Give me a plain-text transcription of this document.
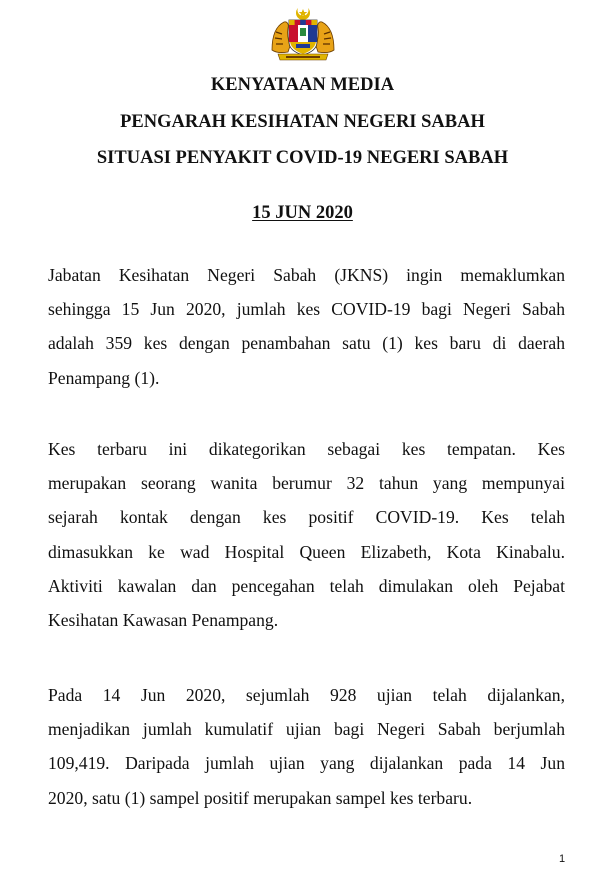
KENYATAAN MEDIA
PENGARAH KESIHATAN NEGERI SABAH
SITUASI PENYAKIT COVID-19 NEGERI SABAH
15 JUN 2020
Jabatan Kesihatan Negeri Sabah (JKNS) ingin memaklumkan
sehingga 15 Jun 2020, jumlah kes COVID-19 bagi Negeri Sabah
adalah 359 kes dengan penambahan satu (1) kes baru di daerah
Penampang (1).
Kes terbaru ini dikategorikan sebagai kes tempatan. Kes
merupakan seorang wanita berumur 32 tahun yang mempunyai
sejarah kontak dengan kes positif COVID-19. Kes telah
dimasukkan ke wad Hospital Queen Elizabeth, Kota Kinabalu.
Aktiviti kawalan dan pencegahan telah dimulakan oleh Pejabat
Kesihatan Kawasan Penampang.
Pada 14 Jun 2020, sejumlah 928 ujian telah dijalankan,
menjadikan jumlah kumulatif ujian bagi Negeri Sabah berjumlah
109,419. Daripada jumlah ujian yang dijalankan pada 14 Jun
2020, satu (1) sampel positif merupakan sampel kes terbaru.
1
